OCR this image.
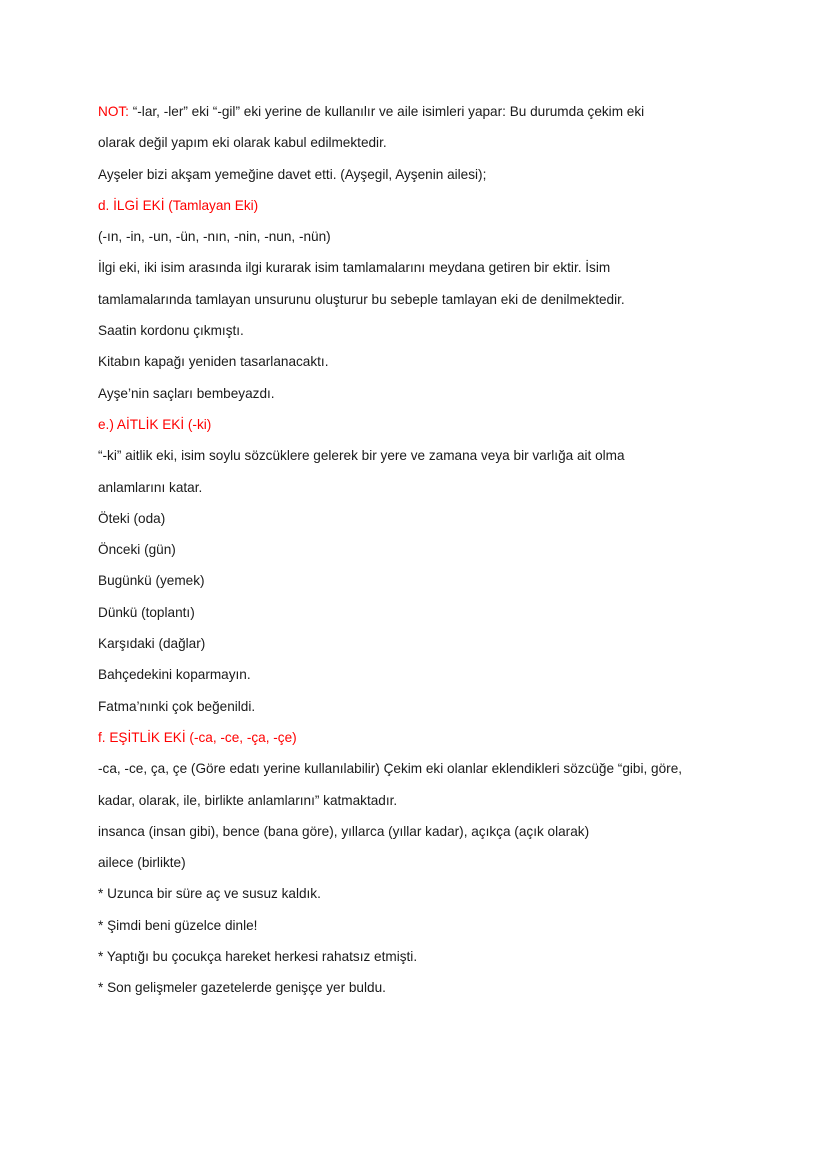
NOT: “-lar, -ler” eki “-gil” eki yerine de kullanılır ve aile isimleri yapar: Bu durumda çekim eki
olarak değil yapım eki olarak kabul edilmektedir.
Ayşeler bizi akşam yemeğine davet etti. (Ayşegil, Ayşenin ailesi);
d. İLGİ EKİ (Tamlayan Eki)
(-ın, -in, -un, -ün, -nın, -nin, -nun, -nün)
İlgi eki, iki isim arasında ilgi kurarak isim tamlamalarını meydana getiren bir ektir. İsim
tamlamalarında tamlayan unsurunu oluşturur bu sebeple tamlayan eki de denilmektedir.
Saatin kordonu çıkmıştı.
Kitabın kapağı yeniden tasarlanacaktı.
Ayşe’nin saçları bembeyazdı.
e.) AİTLİK EKİ (-ki)
“-ki” aitlik eki, isim soylu sözcüklere gelerek bir yere ve zamana veya bir varlığa ait olma
anlamlarını katar.
Öteki (oda)
Önceki (gün)
Bugünkü (yemek)
Dünkü (toplantı)
Karşıdaki (dağlar)
Bahçedekini koparmayın.
Fatma’nınki çok beğenildi.
f. EŞİTLİK EKİ (-ca, -ce, -ça, -çe)
-ca, -ce, ça, çe (Göre edatı yerine kullanılabilir) Çekim eki olanlar eklendikleri sözcüğe “gibi, göre,
kadar, olarak, ile, birlikte anlamlarını” katmaktadır.
insanca (insan gibi), bence (bana göre), yıllarca (yıllar kadar), açıkça (açık olarak)
ailece (birlikte)
* Uzunca bir süre aç ve susuz kaldık.
* Şimdi beni güzelce dinle!
* Yaptığı bu çocukça hareket herkesi rahatsız etmişti.
* Son gelişmeler gazetelerde genişçe yer buldu.
